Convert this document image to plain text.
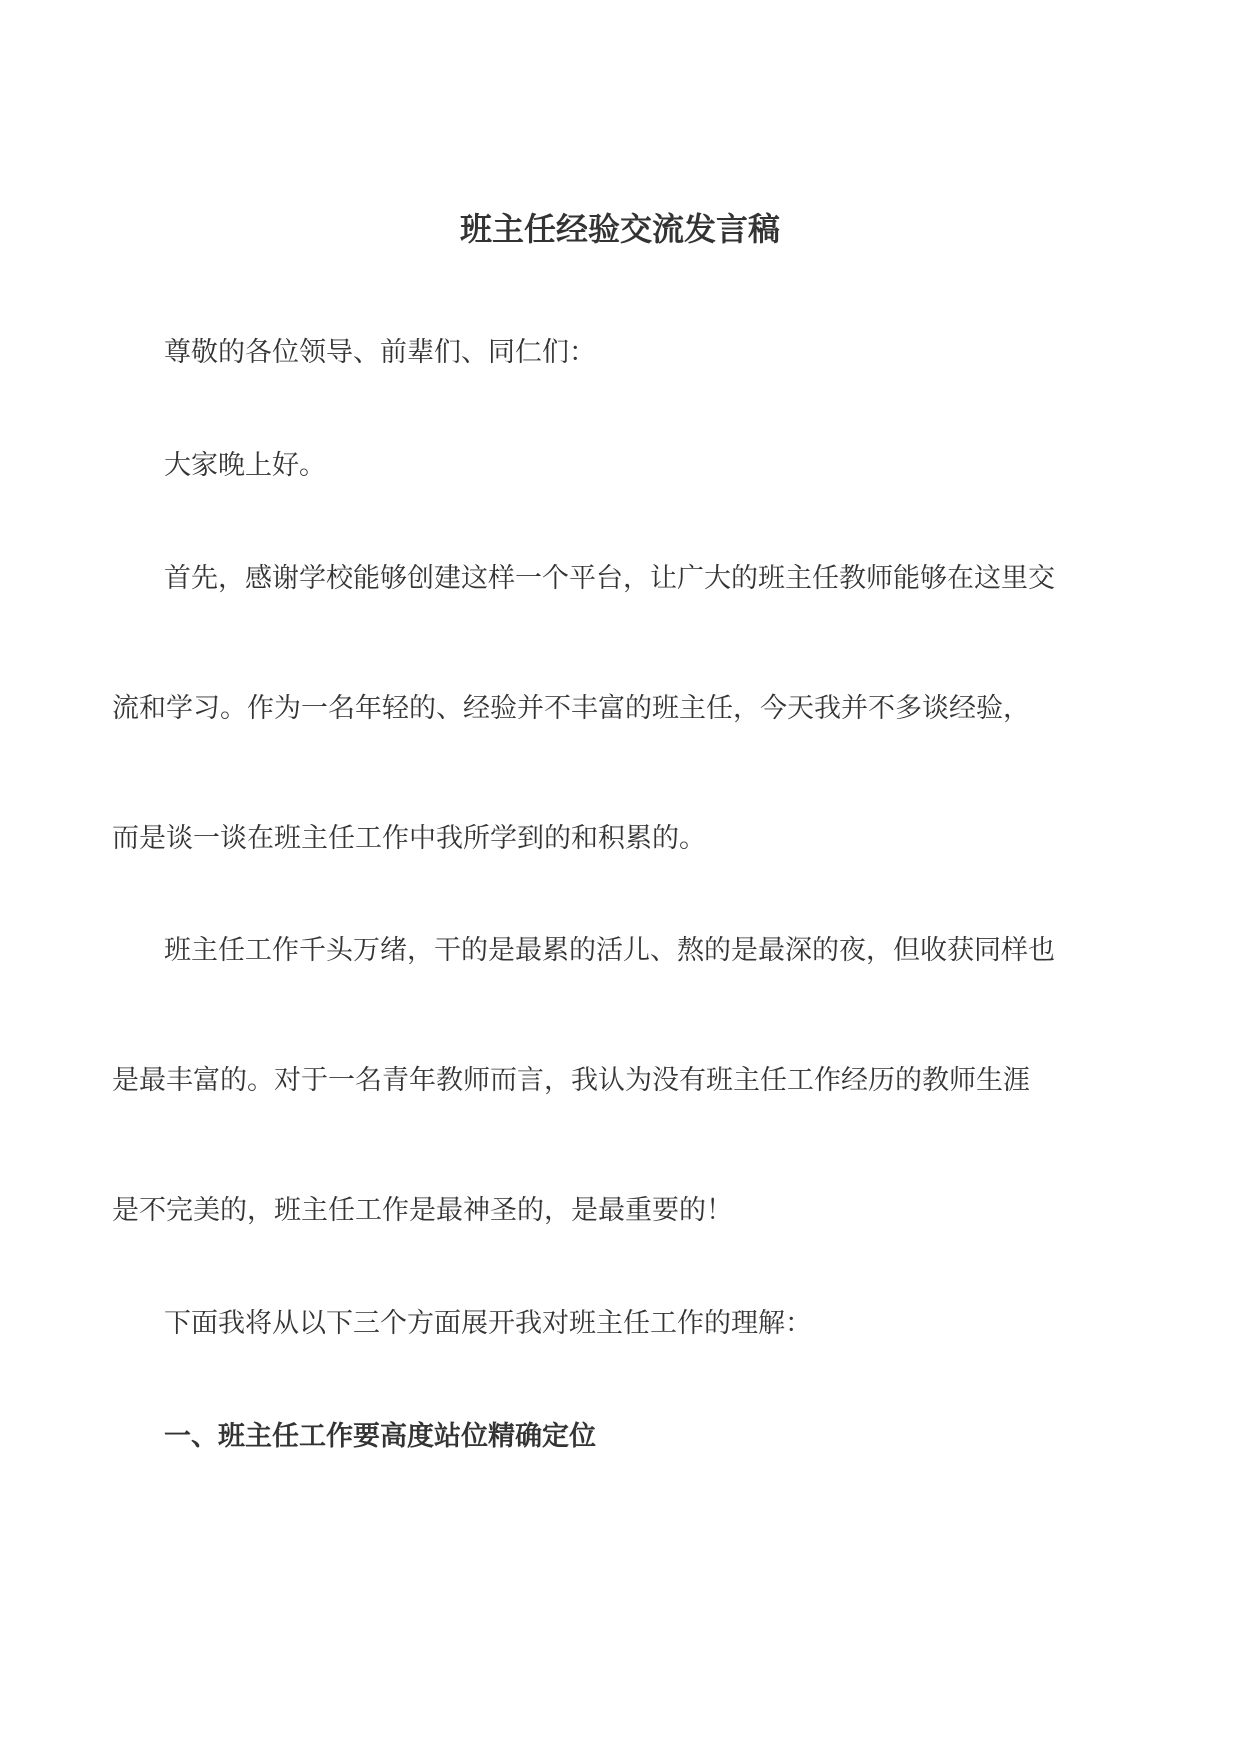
班主任经验交流发言稿
尊敬的各位领导、前辈们、同仁们：
大家晚上好。
首先，感谢学校能够创建这样一个平台，让广大的班主任教师能够在这里交
流和学习。作为一名年轻的、经验并不丰富的班主任，今天我并不多谈经验，
而是谈一谈在班主任工作中我所学到的和积累的。
班主任工作千头万绪，干的是最累的活儿、熬的是最深的夜，但收获同样也
是最丰富的。对于一名青年教师而言，我认为没有班主任工作经历的教师生涯
是不完美的，班主任工作是最神圣的，是最重要的！
下面我将从以下三个方面展开我对班主任工作的理解：
一、班主任工作要高度站位精确定位
